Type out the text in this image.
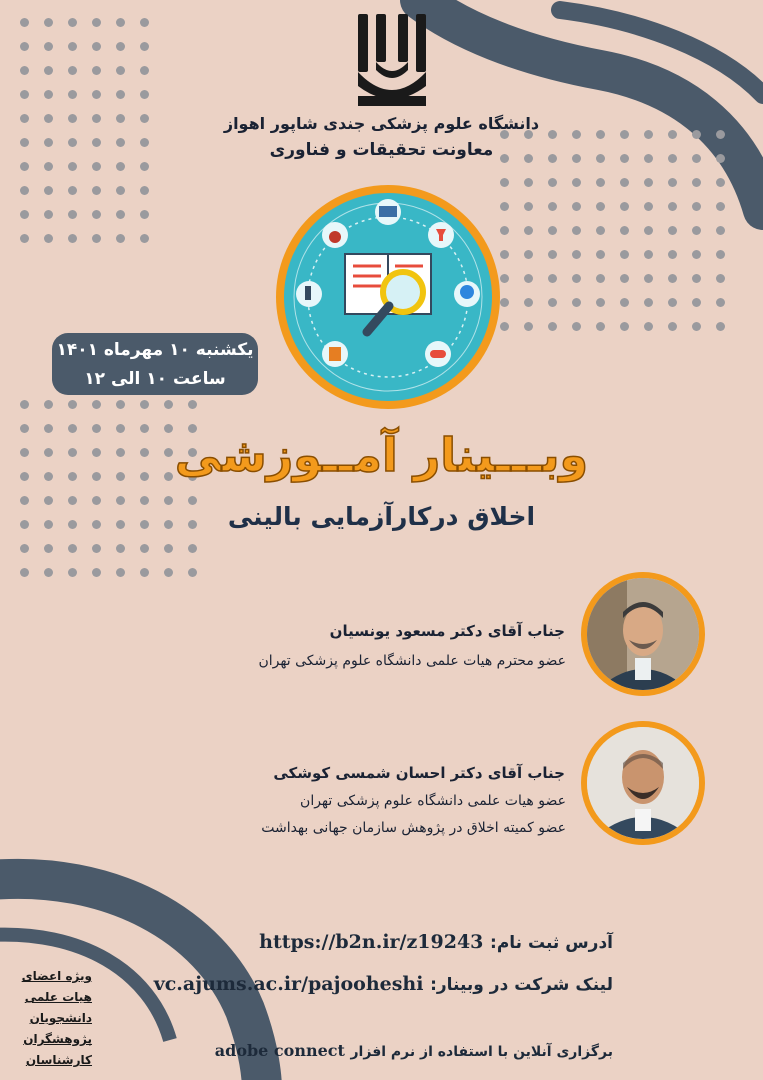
دانشگاه علوم پزشکی جندی شاپور اهواز
معاونت تحقیقات و فناوری
یکشنبه ۱۰ مهرماه ۱۴۰۱
ساعت ۱۰ الی ۱۲
وبـــینار آمــوزشی
اخلاق درکارآزمایی بالینی
جناب آقای دکتر مسعود یونسیان
عضو محترم هیات علمی دانشگاه علوم پزشکی تهران
جناب آقای دکتر احسان شمسی کوشکی
عضو هیات علمی دانشگاه علوم پزشکی تهران
عضو کمیته اخلاق در پژوهش سازمان جهانی بهداشت
آدرس ثبت نام: https://b2n.ir/z19243
لینک شرکت در وبینار: vc.ajums.ac.ir/pajooheshi
برگزاری آنلاین با استفاده از نرم افزار adobe connect
ویژه اعضای
هیات علمی
دانشجویان
پژوهشگران
کارشناسان
